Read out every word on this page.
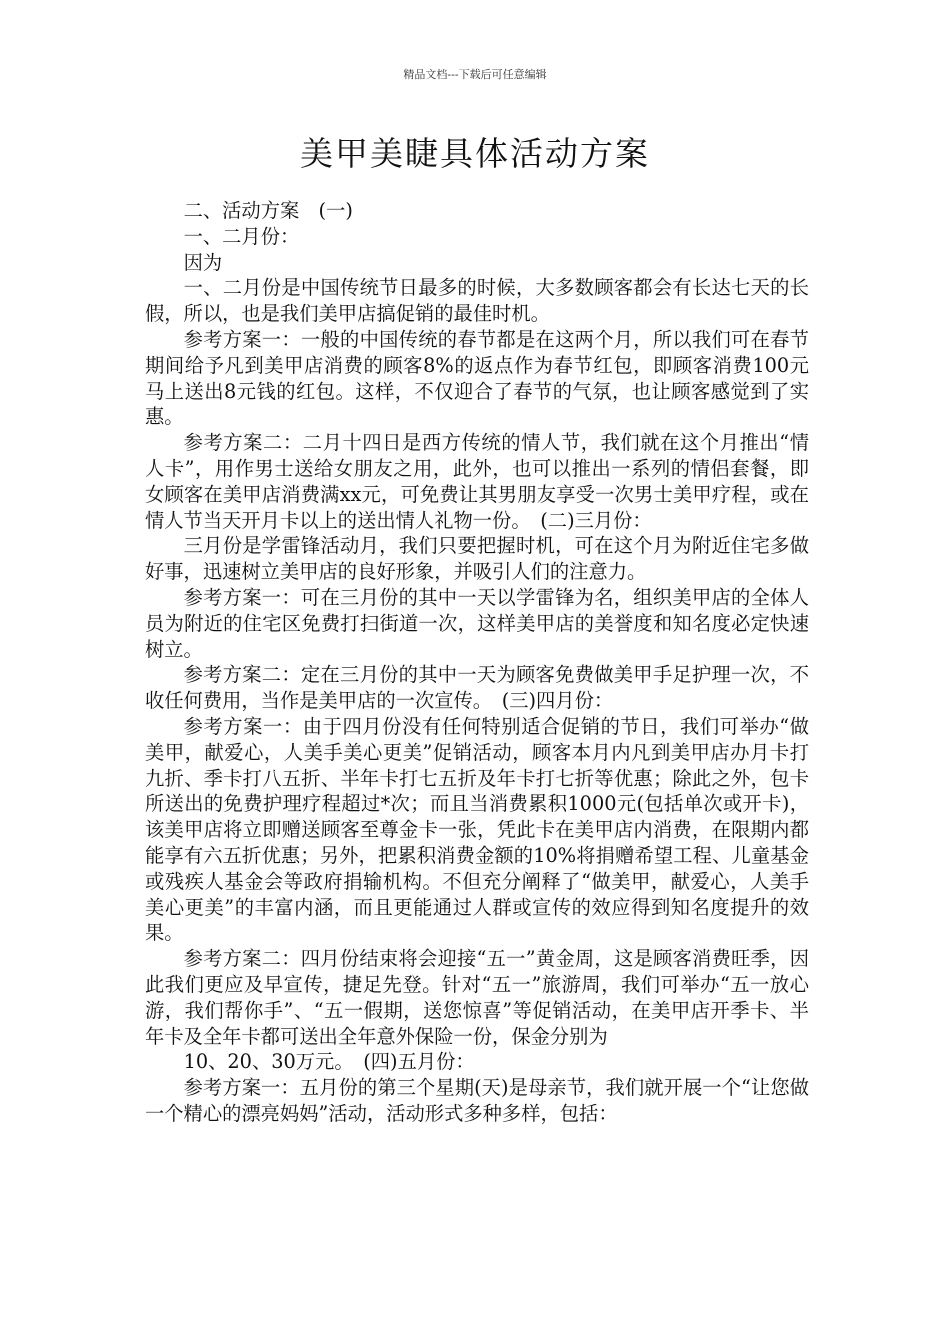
精品文档---下载后可任意编辑
美甲美睫具体活动方案

二、活动方案　(一)

一、二月份：

因为

一、二月份是中国传统节日最多的时候，大多数顾客都会有长达七天的长假，所以，也是我们美甲店搞促销的最佳时机。

参考方案一：一般的中国传统的春节都是在这两个月，所以我们可在春节期间给予凡到美甲店消费的顾客8%的返点作为春节红包，即顾客消费100元马上送出8元钱的红包。这样，不仅迎合了春节的气氛，也让顾客感觉到了实惠。

参考方案二：二月十四日是西方传统的情人节，我们就在这个月推出“情人卡”，用作男士送给女朋友之用，此外，也可以推出一系列的情侣套餐，即女顾客在美甲店消费满xx元，可免费让其男朋友享受一次男士美甲疗程，或在情人节当天开月卡以上的送出情人礼物一份。　(二)三月份：

三月份是学雷锋活动月，我们只要把握时机，可在这个月为附近住宅多做好事，迅速树立美甲店的良好形象，并吸引人们的注意力。

参考方案一：可在三月份的其中一天以学雷锋为名，组织美甲店的全体人员为附近的住宅区免费打扫街道一次，这样美甲店的美誉度和知名度必定快速树立。

参考方案二：定在三月份的其中一天为顾客免费做美甲手足护理一次，不收任何费用，当作是美甲店的一次宣传。　(三)四月份：

参考方案一：由于四月份没有任何特别适合促销的节日，我们可举办“做美甲，献爱心，人美手美心更美”促销活动，顾客本月内凡到美甲店办月卡打九折、季卡打八五折、半年卡打七五折及年卡打七折等优惠；除此之外，包卡所送出的免费护理疗程超过*次；而且当消费累积1000元(包括单次或开卡)，该美甲店将立即赠送顾客至尊金卡一张，凭此卡在美甲店内消费，在限期内都能享有六五折优惠；另外，把累积消费金额的10%将捐赠希望工程、儿童基金或残疾人基金会等政府捐输机构。不但充分阐释了“做美甲，献爱心，人美手美心更美”的丰富内涵，而且更能通过人群或宣传的效应得到知名度提升的效果。

参考方案二：四月份结束将会迎接“五一”黄金周，这是顾客消费旺季，因此我们更应及早宣传，捷足先登。针对“五一”旅游周，我们可举办“五一放心游，我们帮你手”、“五一假期，送您惊喜”等促销活动，在美甲店开季卡、半年卡及全年卡都可送出全年意外保险一份，保金分别为

10、20、30万元。　(四)五月份：

参考方案一：五月份的第三个星期(天)是母亲节，我们就开展一个“让您做一个精心的漂亮妈妈”活动，活动形式多种多样，包括：
